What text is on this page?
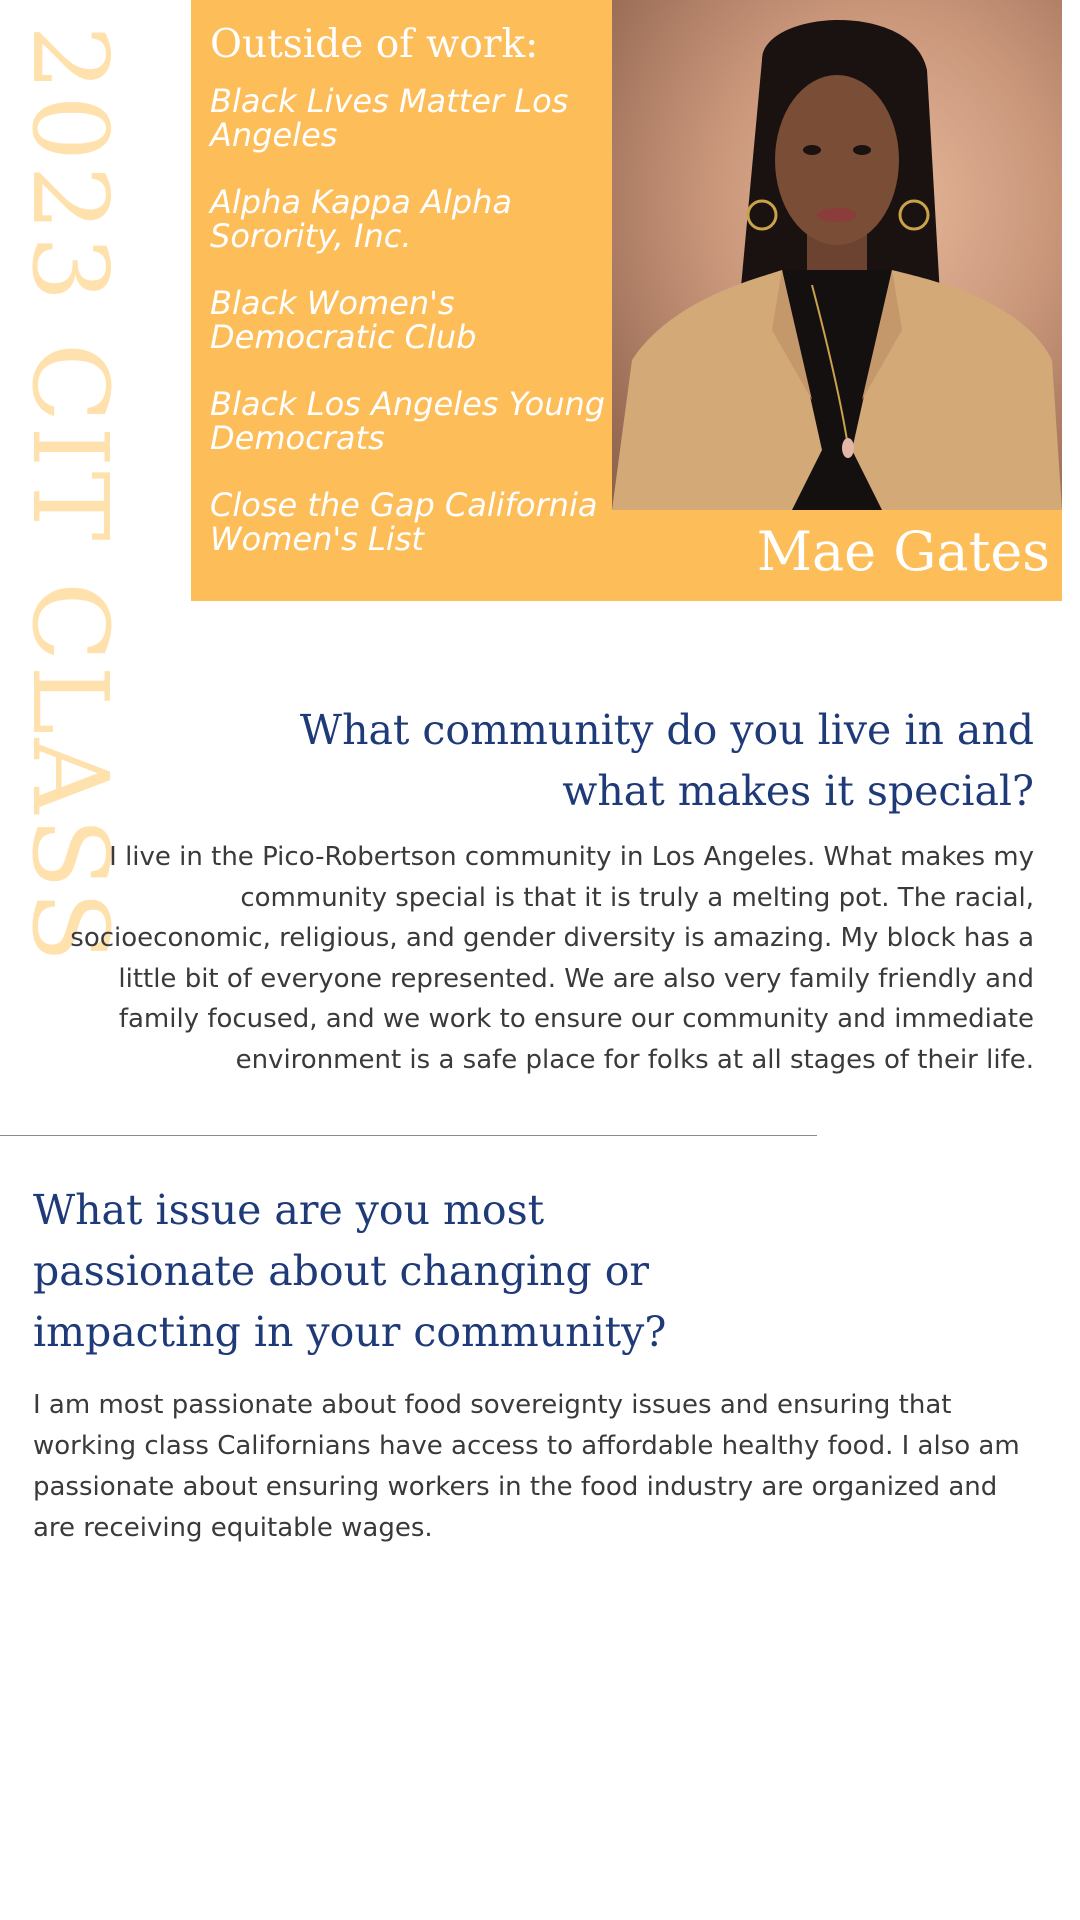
2023 CIT CLASS Outside of work:
Black Lives Matter Los Angeles
Alpha Kappa Alpha Sorority, Inc.
Black Women's Democratic Club
Black Los Angeles Young Democrats
Close the Gap California Women's List	Mae Gates
What community do you live in and what makes it special?

I live in the Pico-Robertson community in Los Angeles. What makes my community special is that it is truly a melting pot. The racial, socioeconomic, religious, and gender diversity is amazing. My block has a little bit of everyone represented. We are also very family friendly and family focused, and we work to ensure our community and immediate environment is a safe place for folks at all stages of their life.

What issue are you most passionate about changing or impacting in your community?

I am most passionate about food sovereignty issues and ensuring that working class Californians have access to affordable healthy food. I also am passionate about ensuring workers in the food industry are organized and are receiving equitable wages.
